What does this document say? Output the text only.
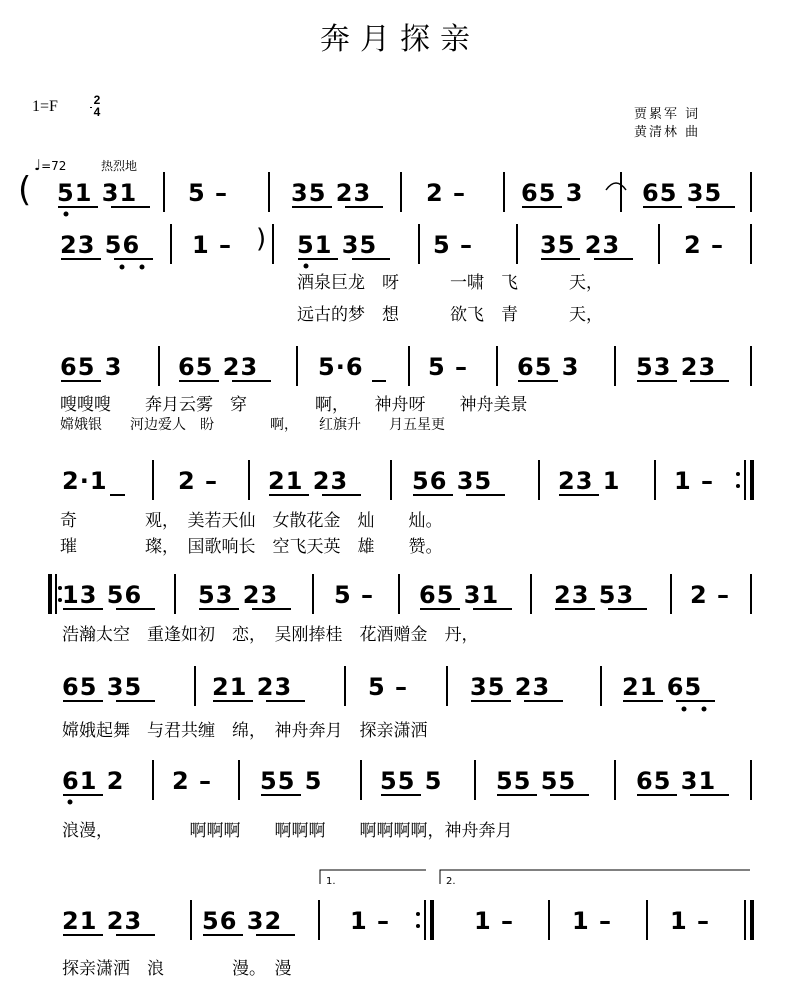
奔月探亲
1=F	2
4	贾累军 词
黄清林 曲
♩=72	热烈地
( 51 31 5 –	35 23 2 – 65 3 65 35
23 56 1 – ) 51 35 5 –	35 23	2 –
酒泉巨龙　呀　　　一啸　飞　　　天，
远古的梦　想　　　欲飞　青　　　天，
65 3 65 23 5·6	5 – 65 3 53 23
嗖嗖嗖　　奔月云雾　穿　　　　啊，　　神舟呀　　神舟美景
嫦娥银　　河边爱人　盼　　　　啊，　　红旗升　　月五星更
2·1	2 – 21 23	56 35	23 1 1 –
奇　　　　观，　美若天仙　女散花金　灿　　灿。
璀　　　　璨，　国歌响长　空飞天英　雄　　赞。
13 56 53 23 5 – 65 31 23 53 2 –
浩瀚太空　重逢如初　恋，　吴刚捧桂　花酒赠金　丹，
65 35	21 23	5 –	35 23	21 65
嫦娥起舞　与君共缠　绵，　神舟奔月　探亲潇洒
61 2 2 – 55 5 55 5 55 55 65 31
浪漫，　　　　　啊啊啊　　啊啊啊　　啊啊啊啊，神舟奔月
1.	2.
21 23 56 32	1 –	1 – 1 – 1 –
探亲潇洒　浪　　　　漫。　漫
